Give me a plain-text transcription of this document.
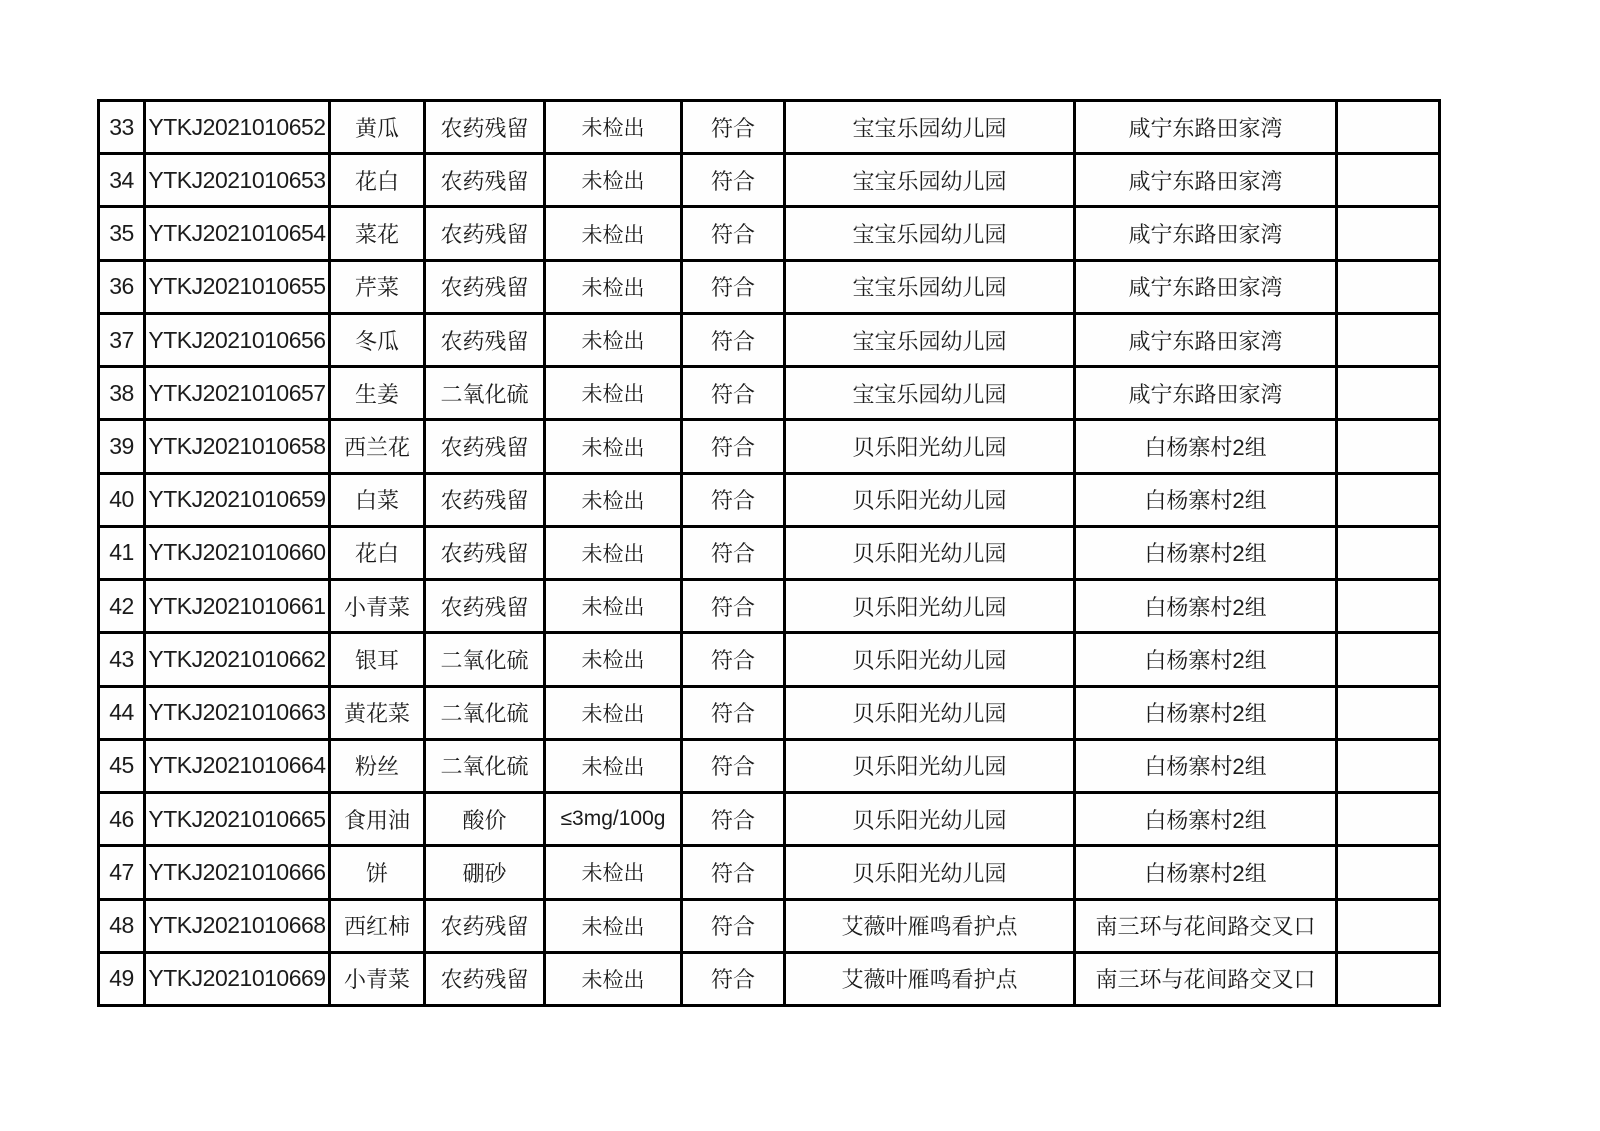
33	YTKJ2021010652	黄瓜	农药残留	未检出	符合	宝宝乐园幼儿园	咸宁东路田家湾	
34	YTKJ2021010653	花白	农药残留	未检出	符合	宝宝乐园幼儿园	咸宁东路田家湾	
35	YTKJ2021010654	菜花	农药残留	未检出	符合	宝宝乐园幼儿园	咸宁东路田家湾	
36	YTKJ2021010655	芹菜	农药残留	未检出	符合	宝宝乐园幼儿园	咸宁东路田家湾	
37	YTKJ2021010656	冬瓜	农药残留	未检出	符合	宝宝乐园幼儿园	咸宁东路田家湾	
38	YTKJ2021010657	生姜	二氧化硫	未检出	符合	宝宝乐园幼儿园	咸宁东路田家湾	
39	YTKJ2021010658	西兰花	农药残留	未检出	符合	贝乐阳光幼儿园	白杨寨村2组	
40	YTKJ2021010659	白菜	农药残留	未检出	符合	贝乐阳光幼儿园	白杨寨村2组	
41	YTKJ2021010660	花白	农药残留	未检出	符合	贝乐阳光幼儿园	白杨寨村2组	
42	YTKJ2021010661	小青菜	农药残留	未检出	符合	贝乐阳光幼儿园	白杨寨村2组	
43	YTKJ2021010662	银耳	二氧化硫	未检出	符合	贝乐阳光幼儿园	白杨寨村2组	
44	YTKJ2021010663	黄花菜	二氧化硫	未检出	符合	贝乐阳光幼儿园	白杨寨村2组	
45	YTKJ2021010664	粉丝	二氧化硫	未检出	符合	贝乐阳光幼儿园	白杨寨村2组	
46	YTKJ2021010665	食用油	酸价	≤3mg/100g	符合	贝乐阳光幼儿园	白杨寨村2组	
47	YTKJ2021010666	饼	硼砂	未检出	符合	贝乐阳光幼儿园	白杨寨村2组	
48	YTKJ2021010668	西红柿	农药残留	未检出	符合	艾薇叶雁鸣看护点	南三环与花间路交叉口	
49	YTKJ2021010669	小青菜	农药残留	未检出	符合	艾薇叶雁鸣看护点	南三环与花间路交叉口	
